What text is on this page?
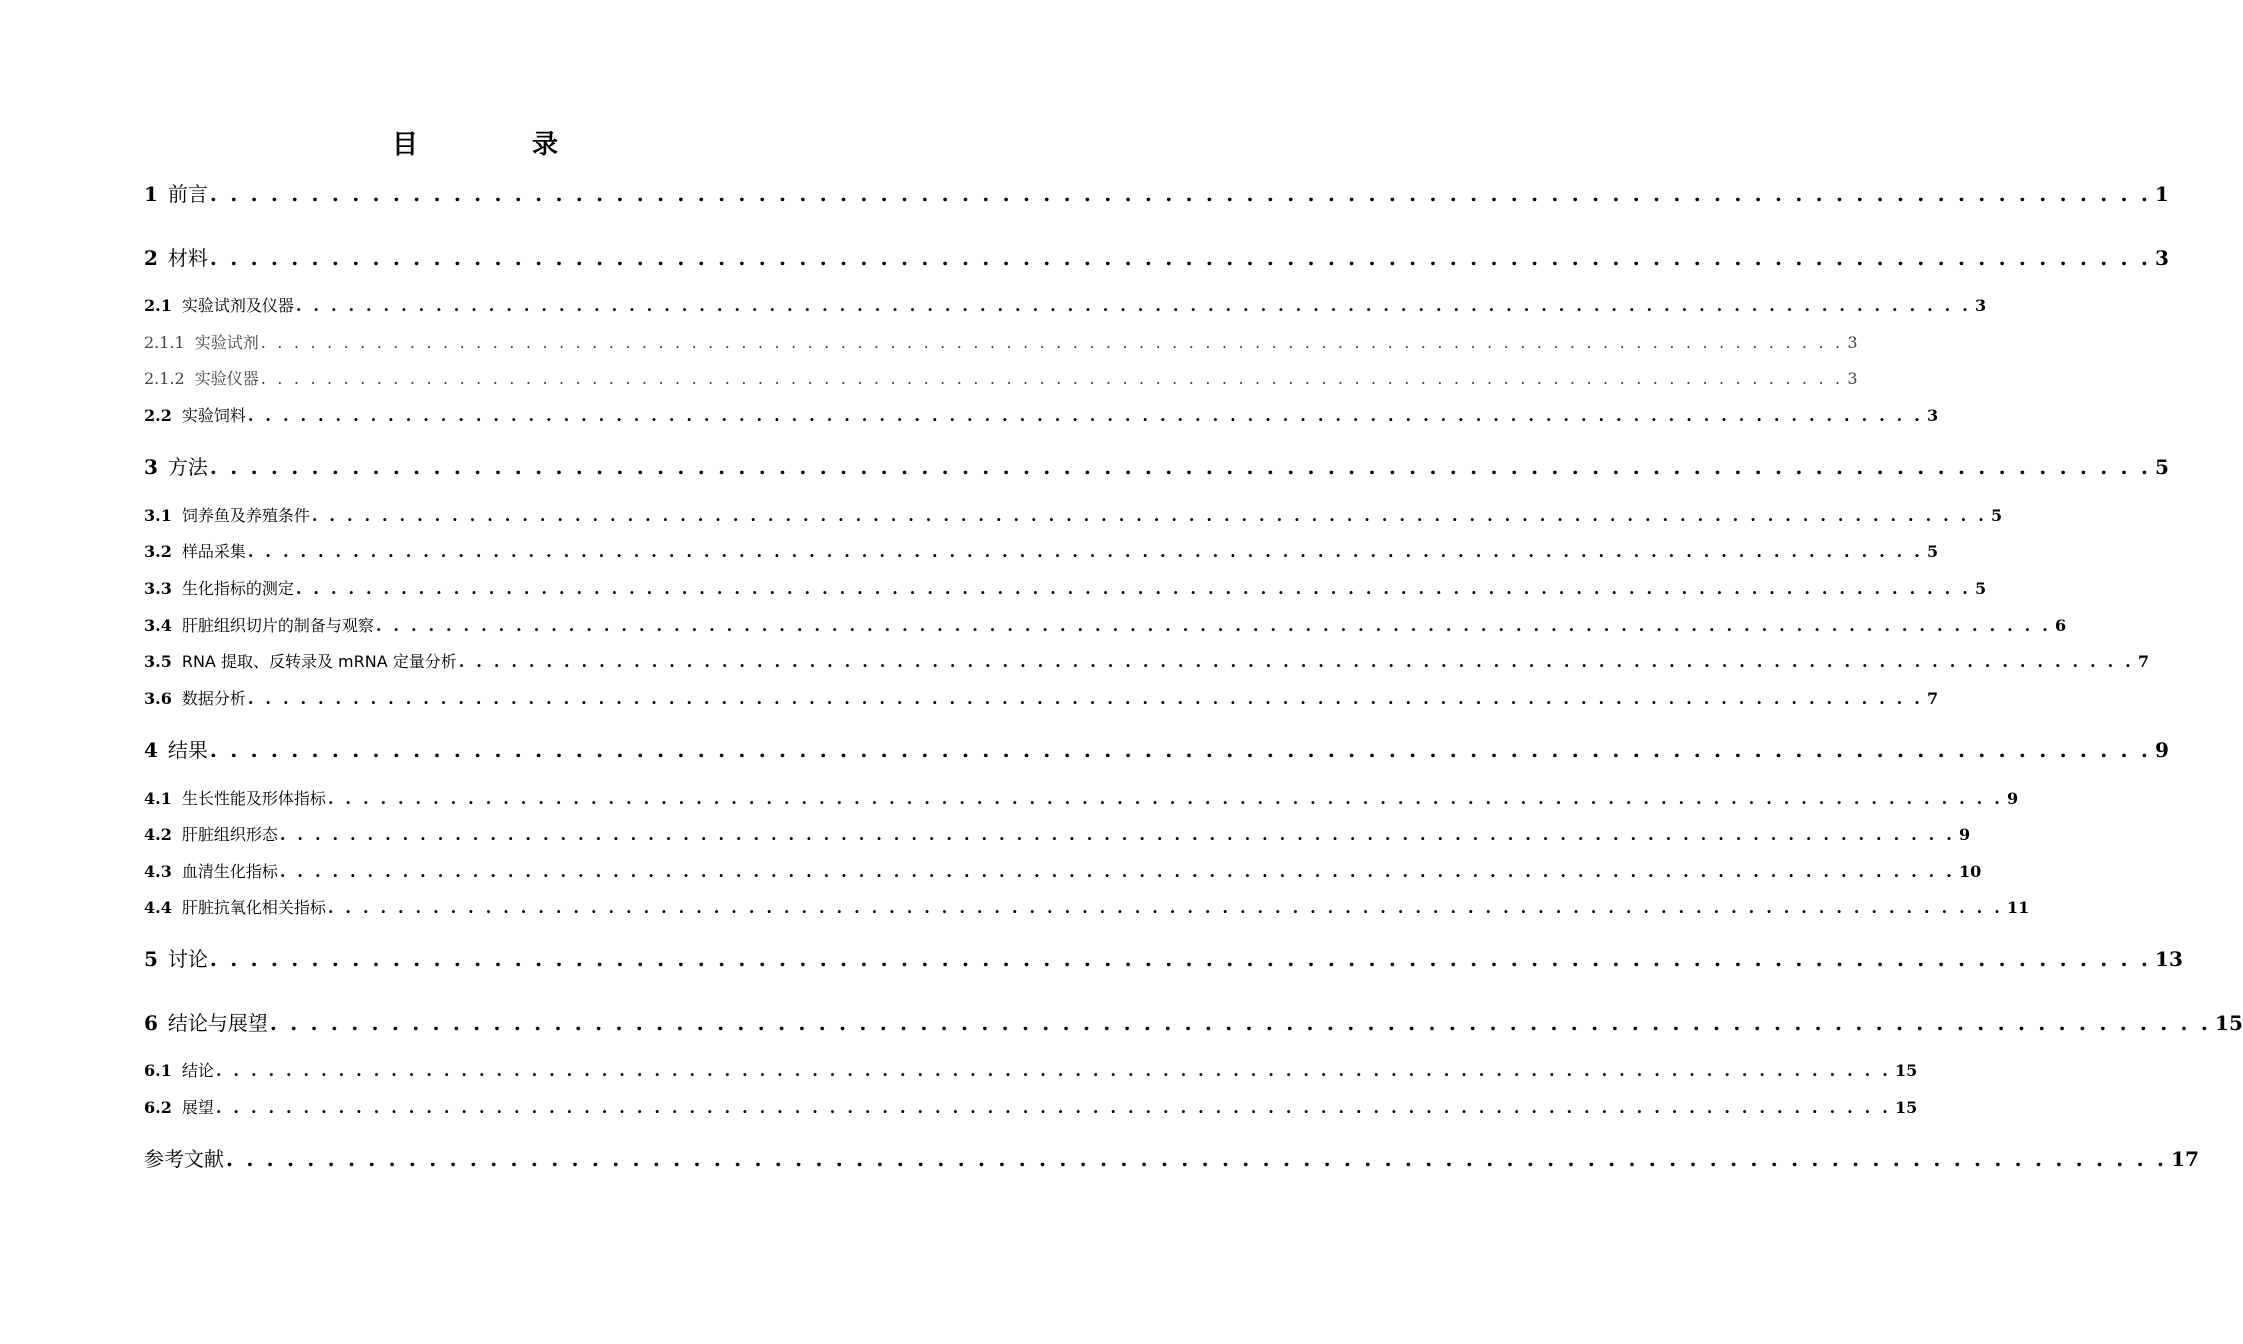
目　录
1 前言 . . . . . . . . . . . . . . . . . . . . . . . . . . . . . . . . . . . . . . . . . . . . . . . . . . . . . . . . . . . . . . . . . . . . . . . . . . . . . . . . . . . . . . . . . . . . . . . . 1
2 材料 . . . . . . . . . . . . . . . . . . . . . . . . . . . . . . . . . . . . . . . . . . . . . . . . . . . . . . . . . . . . . . . . . . . . . . . . . . . . . . . . . . . . . . . . . . . . . . . . 3
2.1 实验试剂及仪器 . . . . . . . . . . . . . . . . . . . . . . . . . . . . . . . . . . . . . . . . . . . . . . . . . . . . . . . . . . . . . . . . . . . . . . . . . . . . . . . . . . . . . . . . . . . . . . . . 3
2.1.1 实验试剂 . . . . . . . . . . . . . . . . . . . . . . . . . . . . . . . . . . . . . . . . . . . . . . . . . . . . . . . . . . . . . . . . . . . . . . . . . . . . . . . . . . . . . . . . . . . . . . . . 3
2.1.2 实验仪器 . . . . . . . . . . . . . . . . . . . . . . . . . . . . . . . . . . . . . . . . . . . . . . . . . . . . . . . . . . . . . . . . . . . . . . . . . . . . . . . . . . . . . . . . . . . . . . . . 3
2.2 实验饲料 . . . . . . . . . . . . . . . . . . . . . . . . . . . . . . . . . . . . . . . . . . . . . . . . . . . . . . . . . . . . . . . . . . . . . . . . . . . . . . . . . . . . . . . . . . . . . . . . 3
3 方法 . . . . . . . . . . . . . . . . . . . . . . . . . . . . . . . . . . . . . . . . . . . . . . . . . . . . . . . . . . . . . . . . . . . . . . . . . . . . . . . . . . . . . . . . . . . . . . . . 5
3.1 饲养鱼及养殖条件 . . . . . . . . . . . . . . . . . . . . . . . . . . . . . . . . . . . . . . . . . . . . . . . . . . . . . . . . . . . . . . . . . . . . . . . . . . . . . . . . . . . . . . . . . . . . . . . . 5
3.2 样品采集 . . . . . . . . . . . . . . . . . . . . . . . . . . . . . . . . . . . . . . . . . . . . . . . . . . . . . . . . . . . . . . . . . . . . . . . . . . . . . . . . . . . . . . . . . . . . . . . . 5
3.3 生化指标的测定 . . . . . . . . . . . . . . . . . . . . . . . . . . . . . . . . . . . . . . . . . . . . . . . . . . . . . . . . . . . . . . . . . . . . . . . . . . . . . . . . . . . . . . . . . . . . . . . . 5
3.4 肝脏组织切片的制备与观察 . . . . . . . . . . . . . . . . . . . . . . . . . . . . . . . . . . . . . . . . . . . . . . . . . . . . . . . . . . . . . . . . . . . . . . . . . . . . . . . . . . . . . . . . . . . . . . . . 6
3.5 RNA 提取、反转录及 mRNA 定量分析 . . . . . . . . . . . . . . . . . . . . . . . . . . . . . . . . . . . . . . . . . . . . . . . . . . . . . . . . . . . . . . . . . . . . . . . . . . . . . . . . . . . . . . . . . . . . . . . . 7
3.6 数据分析 . . . . . . . . . . . . . . . . . . . . . . . . . . . . . . . . . . . . . . . . . . . . . . . . . . . . . . . . . . . . . . . . . . . . . . . . . . . . . . . . . . . . . . . . . . . . . . . . 7
4 结果 . . . . . . . . . . . . . . . . . . . . . . . . . . . . . . . . . . . . . . . . . . . . . . . . . . . . . . . . . . . . . . . . . . . . . . . . . . . . . . . . . . . . . . . . . . . . . . . . 9
4.1 生长性能及形体指标 . . . . . . . . . . . . . . . . . . . . . . . . . . . . . . . . . . . . . . . . . . . . . . . . . . . . . . . . . . . . . . . . . . . . . . . . . . . . . . . . . . . . . . . . . . . . . . . . 9
4.2 肝脏组织形态 . . . . . . . . . . . . . . . . . . . . . . . . . . . . . . . . . . . . . . . . . . . . . . . . . . . . . . . . . . . . . . . . . . . . . . . . . . . . . . . . . . . . . . . . . . . . . . . . 9
4.3 血清生化指标 . . . . . . . . . . . . . . . . . . . . . . . . . . . . . . . . . . . . . . . . . . . . . . . . . . . . . . . . . . . . . . . . . . . . . . . . . . . . . . . . . . . . . . . . . . . . . . . . 10
4.4 肝脏抗氧化相关指标 . . . . . . . . . . . . . . . . . . . . . . . . . . . . . . . . . . . . . . . . . . . . . . . . . . . . . . . . . . . . . . . . . . . . . . . . . . . . . . . . . . . . . . . . . . . . . . . . 11
5 讨论 . . . . . . . . . . . . . . . . . . . . . . . . . . . . . . . . . . . . . . . . . . . . . . . . . . . . . . . . . . . . . . . . . . . . . . . . . . . . . . . . . . . . . . . . . . . . . . . . 13
6 结论与展望 . . . . . . . . . . . . . . . . . . . . . . . . . . . . . . . . . . . . . . . . . . . . . . . . . . . . . . . . . . . . . . . . . . . . . . . . . . . . . . . . . . . . . . . . . . . . . . . . 15
6.1 结论 . . . . . . . . . . . . . . . . . . . . . . . . . . . . . . . . . . . . . . . . . . . . . . . . . . . . . . . . . . . . . . . . . . . . . . . . . . . . . . . . . . . . . . . . . . . . . . . . 15
6.2 展望 . . . . . . . . . . . . . . . . . . . . . . . . . . . . . . . . . . . . . . . . . . . . . . . . . . . . . . . . . . . . . . . . . . . . . . . . . . . . . . . . . . . . . . . . . . . . . . . . 15
参考文献 . . . . . . . . . . . . . . . . . . . . . . . . . . . . . . . . . . . . . . . . . . . . . . . . . . . . . . . . . . . . . . . . . . . . . . . . . . . . . . . . . . . . . . . . . . . . . . . . 17
